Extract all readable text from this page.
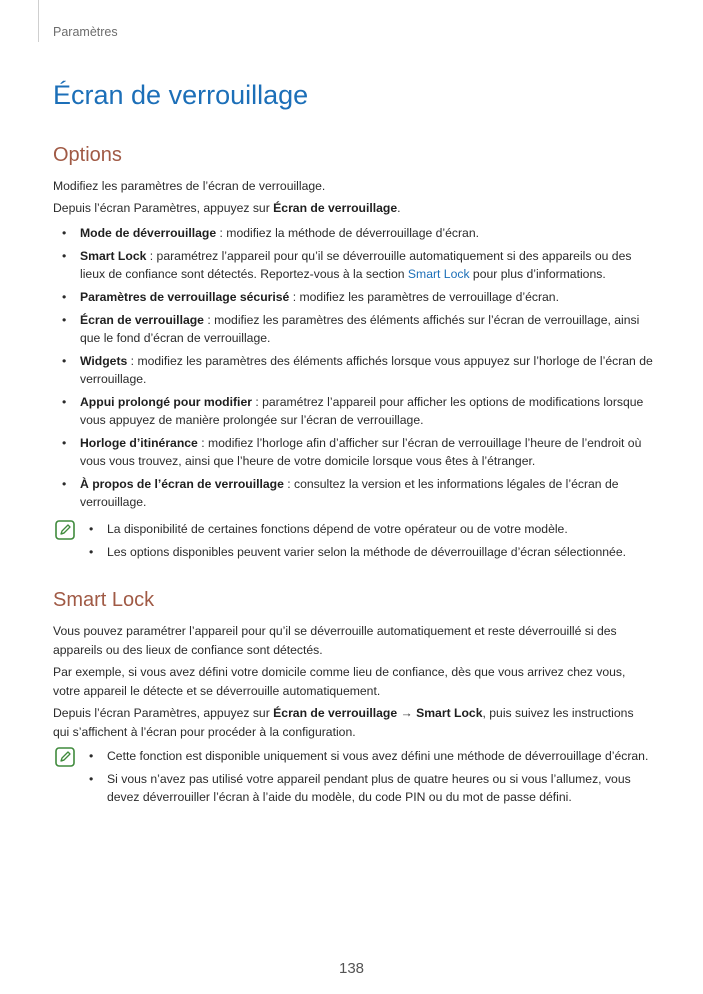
Paramètres
Écran de verrouillage
Options

Modifiez les paramètres de l’écran de verrouillage.

Depuis l’écran Paramètres, appuyez sur Écran de verrouillage.

• Mode de déverrouillage : modifiez la méthode de déverrouillage d’écran.
• Smart Lock : paramétrez l’appareil pour qu’il se déverrouille automatiquement si des appareils ou des lieux de confiance sont détectés. Reportez-vous à la section Smart Lock pour plus d’informations.
• Paramètres de verrouillage sécurisé : modifiez les paramètres de verrouillage d’écran.
• Écran de verrouillage : modifiez les paramètres des éléments affichés sur l’écran de verrouillage, ainsi que le fond d’écran de verrouillage.
• Widgets : modifiez les paramètres des éléments affichés lorsque vous appuyez sur l’horloge de l’écran de verrouillage.
• Appui prolongé pour modifier : paramétrez l’appareil pour afficher les options de modifications lorsque vous appuyez de manière prolongée sur l’écran de verrouillage.
• Horloge d’itinérance : modifiez l’horloge afin d’afficher sur l’écran de verrouillage l’heure de l’endroit où vous vous trouvez, ainsi que l’heure de votre domicile lorsque vous êtes à l’étranger.
• À propos de l’écran de verrouillage : consultez la version et les informations légales de l’écran de verrouillage.
• La disponibilité de certaines fonctions dépend de votre opérateur ou de votre modèle.
• Les options disponibles peuvent varier selon la méthode de déverrouillage d’écran sélectionnée.
Smart Lock

Vous pouvez paramétrer l’appareil pour qu’il se déverrouille automatiquement et reste déverrouillé si des appareils ou des lieux de confiance sont détectés.

Par exemple, si vous avez défini votre domicile comme lieu de confiance, dès que vous arrivez chez vous, votre appareil le détecte et se déverrouille automatiquement.

Depuis l’écran Paramètres, appuyez sur Écran de verrouillage → Smart Lock, puis suivez les instructions qui s’affichent à l’écran pour procéder à la configuration.

• Cette fonction est disponible uniquement si vous avez défini une méthode de déverrouillage d’écran.
• Si vous n’avez pas utilisé votre appareil pendant plus de quatre heures ou si vous l’allumez, vous devez déverrouiller l’écran à l’aide du modèle, du code PIN ou du mot de passe défini.
138
